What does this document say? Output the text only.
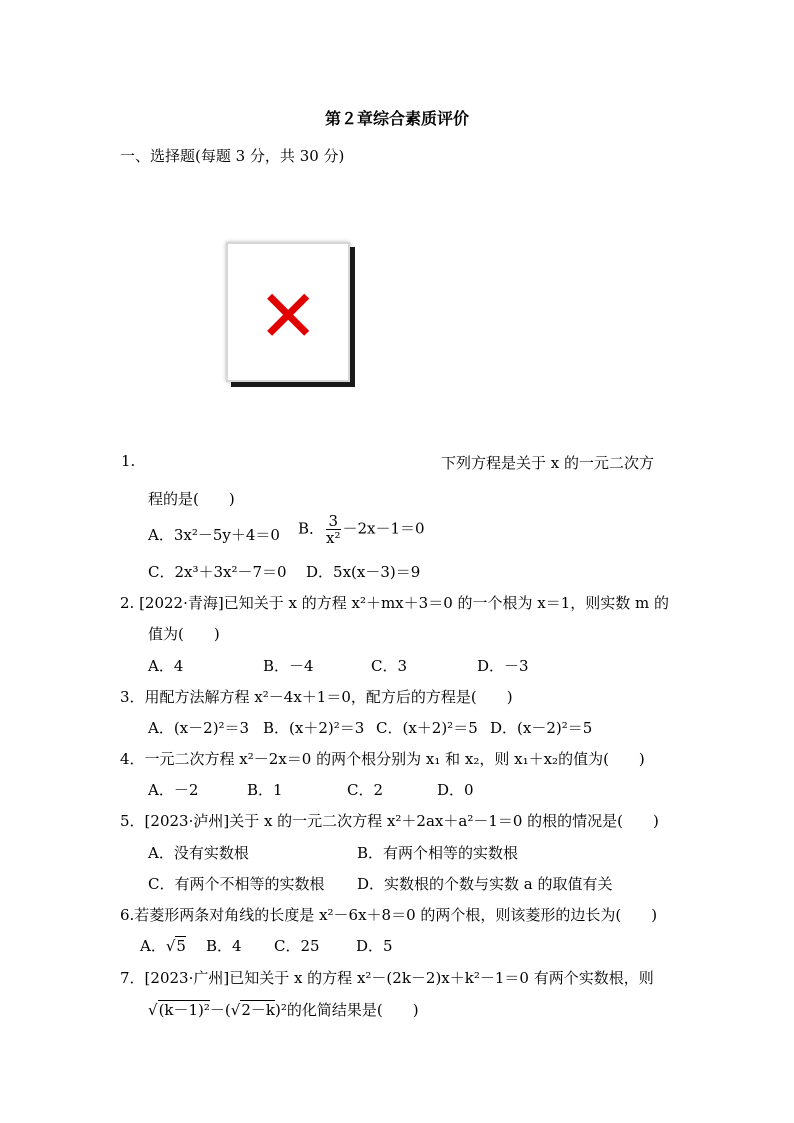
第２章综合素质评价
一、选择题(每题 3 分，共 30 分)
✕
1.	下列方程是关于 x 的一元二次方
程的是(　　)
A．3x²－5y＋4＝0 B． $\frac{3}{\text{x²}} -2x-1=0$
C．2x³＋3x²－7＝0 D．5x(x－3)＝9
2. [2022·青海]已知关于 x 的方程 x²＋mx＋3＝0 的一个根为 x＝1，则实数 m 的
值为(　　)
A．4	B．－4	C．3	D．－3
3．用配方法解方程 x²－4x＋1＝0，配方后的方程是(　　)
A．(x－2)²＝3 B．(x＋2)²＝3 C．(x＋2)²＝5 D．(x－2)²＝5
4．一元二次方程 x²－2x＝0 的两个根分别为 x₁ 和 x₂，则 x₁＋x₂的值为(　　)
A．－2	B．1	C．2	D．0
5．[2023·泸州]关于 x 的一元二次方程 x²＋2ax＋a²－1＝0 的根的情况是(　　)
A．没有实数根	B．有两个相等的实数根
C．有两个不相等的实数根 D．实数根的个数与实数 a 的取值有关
6.若菱形两条对角线的长度是 x²－6x＋8＝0 的两个根，则该菱形的边长为(　　)
A．√5 B．4 C．25 D．5
7．[2023·广州]已知关于 x 的方程 x²－(2k－2)x＋k²－1＝0 有两个实数根，则
√(k－1)²－(√2－k)²的化简结果是(　　)
